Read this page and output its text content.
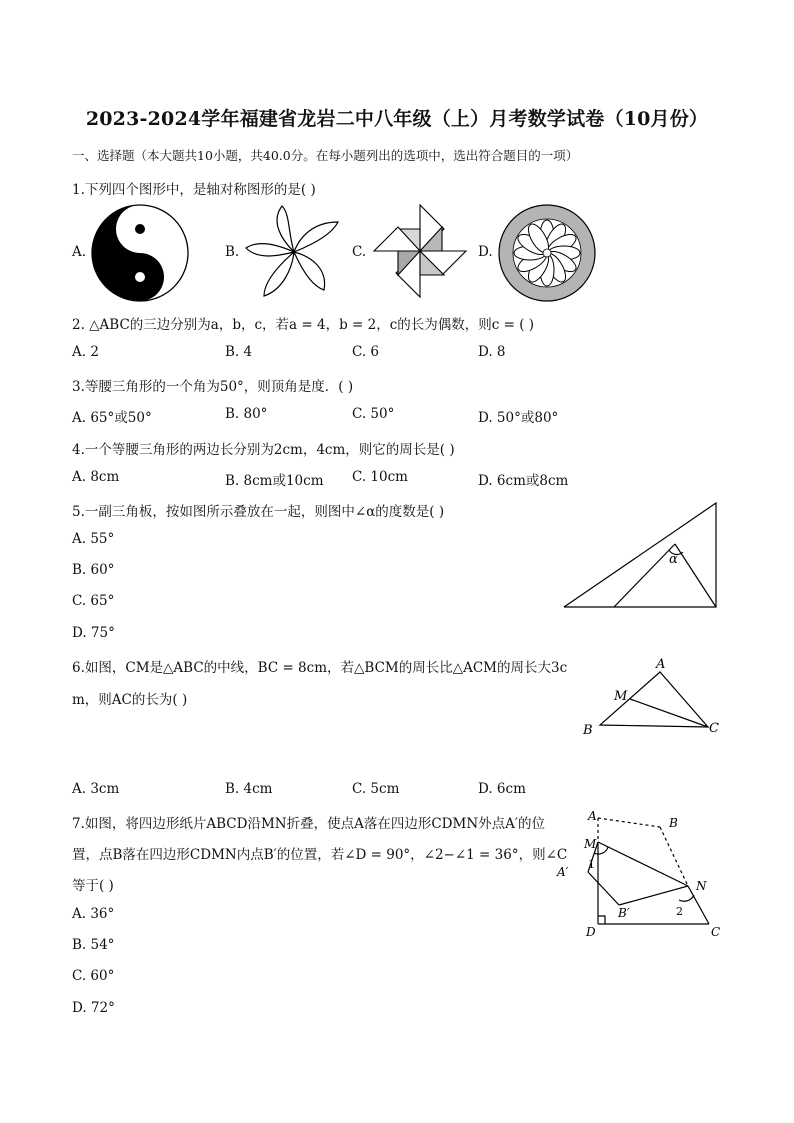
2023-2024学年福建省龙岩二中八年级（上）月考数学试卷（10月份）
一、选择题（本大题共10小题，共40.0分。在每小题列出的选项中，选出符合题目的一项）
1.下列四个图形中，是轴对称图形的是( )
A.	B.	C.	D.
2. △ABC的三边分别为a，b，c，若a = 4，b = 2，c的长为偶数，则c = ( )
A. 2	B. 4	C. 6	D. 8
3.等腰三角形的一个角为50°，则顶角是度．( )
A. 65°或50°	B. 80°	C. 50°	D. 50°或80°
4.一个等腰三角形的两边长分别为2cm，4cm，则它的周长是( )
A. 8cm	B. 8cm或10cm C. 10cm	D. 6cm或8cm
5.一副三角板，按如图所示叠放在一起，则图中∠α的度数是( )
A. 55°
B. 60°
C. 65°
D. 75°
α
6.如图，CM是△ABC的中线，BC = 8cm，若△BCM的周长比△ACM的周长大3c
m，则AC的长为( )
A
M
B	C
A. 3cm	B. 4cm	C. 5cm	D. 6cm
7.如图，将四边形纸片ABCD沿MN折叠，使点A落在四边形CDMN外点A′的位
置，点B落在四边形CDMN内点B′的位置，若∠D = 90°，∠2−∠1 = 36°，则∠C
等于( )
A. 36°
B. 54°
C. 60°
D. 72°
A	B
M
A′
1
N
B′	2
D	C
